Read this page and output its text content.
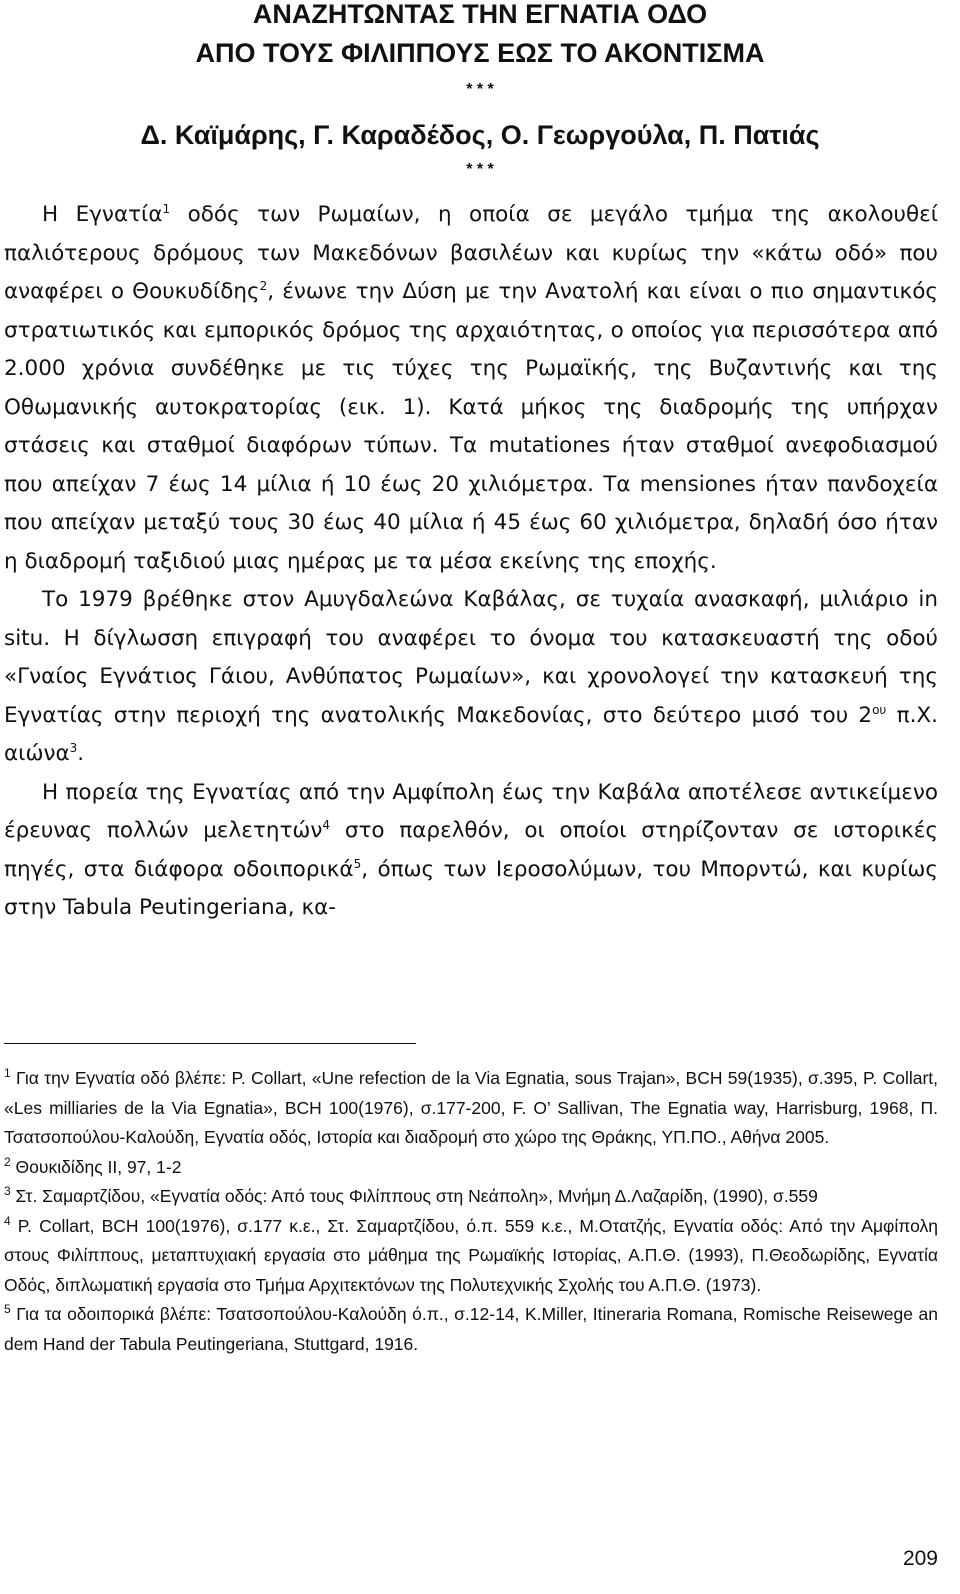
ΑΝΑΖΗΤΩΝΤΑΣ ΤΗΝ ΕΓΝΑΤΙΑ ΟΔΟ
ΑΠΟ ΤΟΥΣ ΦΙΛΙΠΠΟΥΣ ΕΩΣ ΤΟ ΑΚΟΝΤΙΣΜΑ
* * *
Δ. Καϊμάρης, Γ. Καραδέδος, Ο. Γεωργούλα, Π. Πατιάς
* * *

Η Εγνατία$^1$ οδός των Ρωμαίων, η οποία σε μεγάλο τμήμα της ακολουθεί παλιότερους δρόμους των Μακεδόνων βασιλέων και κυρίως την «κάτω οδό» που αναφέρει ο Θουκυδίδης$^2$, ένωνε την Δύση με την Ανατολή και είναι ο πιο σημαντικός στρατιωτικός και εμπορικός δρόμος της αρχαιότητας, ο οποίος για περισσότερα από 2.000 χρόνια συνδέθηκε με τις τύχες της Ρωμαϊκής, της Βυζαντινής και της Οθωμανικής αυτοκρατορίας (εικ. 1). Κατά μήκος της διαδρομής της υπήρχαν στάσεις και σταθμοί διαφόρων τύπων. Τα mutationes ήταν σταθμοί ανεφοδιασμού που απείχαν 7 έως 14 μίλια ή 10 έως 20 χιλιόμετρα. Τα mensiones ήταν πανδοχεία που απείχαν μεταξύ τους 30 έως 40 μίλια ή 45 έως 60 χιλιόμετρα, δηλαδή όσο ήταν η διαδρομή ταξιδιού μιας ημέρας με τα μέσα εκείνης της εποχής.

Το 1979 βρέθηκε στον Αμυγδαλεώνα Καβάλας, σε τυχαία ανασκαφή, μιλιάριο in situ. Η δίγλωσση επιγραφή του αναφέρει το όνομα του κατασκευαστή της οδού «Γναίος Εγνάτιος Γάιου, Ανθύπατος Ρωμαίων», και χρονολογεί την κατασκευή της Εγνατίας στην περιοχή της ανατολικής Μακεδονίας, στο δεύτερο μισό του $2^{o\upsilon}$ π.Χ. αιώνα$^3$.

Η πορεία της Εγνατίας από την Αμφίπολη έως την Καβάλα αποτέλεσε αντικείμενο έρευνας πολλών μελετητών$^4$ στο παρελθόν, οι οποίοι στηρίζονταν σε ιστορικές πηγές, στα διάφορα οδοιπορικά$^5$, όπως των Ιεροσολύμων, του Μπορντώ, και κυρίως στην Tabula Peutingeriana, κα-

$^1$ Για την Εγνατία οδό βλέπε: P. Collart, «Une refection de la Via Egnatia, sous Trajan», BCH 59(1935), σ.395, P. Collart, «Les milliaries de la Via Egnatia», BCH 100(1976), σ.177-200, F. O’ Sallivan, The Egnatia way, Harrisburg, 1968, Π. Τσατσοπούλου-Καλούδη, Εγνατία οδός, Ιστορία και διαδρομή στο χώρο της Θράκης, ΥΠ.ΠΟ., Αθήνα 2005.

$^2$ Θουκιδίδης II, 97, 1-2

$^3$ Στ. Σαμαρτζίδου, «Εγνατία οδός: Από τους Φιλίππους στη Νεάπολη», Μνήμη Δ.Λαζαρίδη, (1990), σ.559

$^4$ P. Collart, BCH 100(1976), σ.177 κ.ε., Στ. Σαμαρτζίδου, ό.π. 559 κ.ε., Μ.Οτατζής, Εγνατία οδός: Από την Αμφίπολη στους Φιλίππους, μεταπτυχιακή εργασία στο μάθημα της Ρωμαϊκής Ιστορίας, Α.Π.Θ. (1993), Π.Θεοδωρίδης, Εγνατία Οδός, διπλωματική εργασία στο Τμήμα Αρχιτεκτόνων της Πολυτεχνικής Σχολής του Α.Π.Θ. (1973).

$^5$ Για τα οδοιπορικά βλέπε: Τσατσοπούλου-Καλούδη ό.π., σ.12-14, K.Miller, Itineraria Romana, Romische Reisewege an dem Hand der Tabula Peutingeriana, Stuttgard, 1916.

209
